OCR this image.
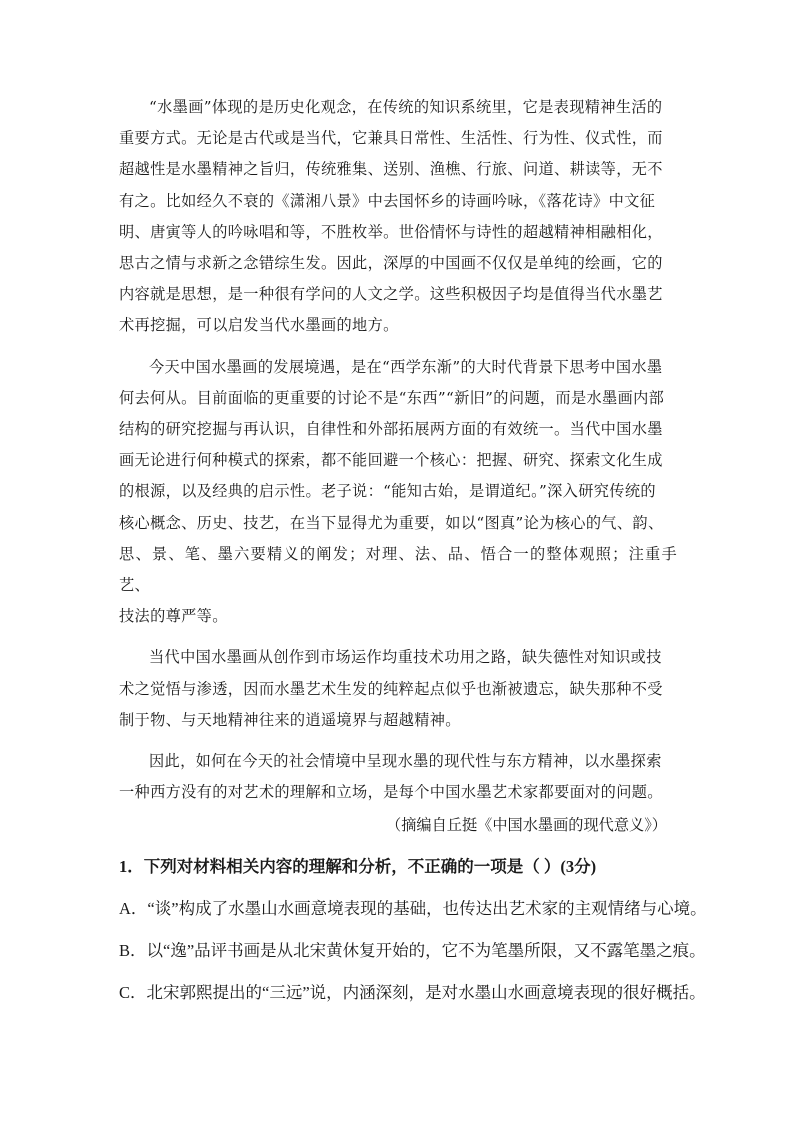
“水墨画”体现的是历史化观念，在传统的知识系统里，它是表现精神生活的
重要方式。无论是古代或是当代，它兼具日常性、生活性、行为性、仪式性，而
超越性是水墨精神之旨归，传统雅集、送别、渔樵、行旅、问道、耕读等，无不
有之。比如经久不衰的《潇湘八景》中去国怀乡的诗画吟咏，《落花诗》中文征
明、唐寅等人的吟咏唱和等，不胜枚举。世俗情怀与诗性的超越精神相融相化，
思古之情与求新之念错综生发。因此，深厚的中国画不仅仅是单纯的绘画，它的
内容就是思想，是一种很有学问的人文之学。这些积极因子均是值得当代水墨艺
术再挖掘，可以启发当代水墨画的地方。

今天中国水墨画的发展境遇，是在“西学东渐”的大时代背景下思考中国水墨
何去何从。目前面临的更重要的讨论不是“东西”“新旧”的问题，而是水墨画内部
结构的研究挖掘与再认识，自律性和外部拓展两方面的有效统一。当代中国水墨
画无论进行何种模式的探索，都不能回避一个核心：把握、研究、探索文化生成
的根源，以及经典的启示性。老子说：“能知古始，是谓道纪。”深入研究传统的
核心概念、历史、技艺，在当下显得尤为重要，如以“图真”论为核心的气、韵、
思、景、笔、墨六要精义的阐发；对理、法、品、悟合一的整体观照；注重手艺、
技法的尊严等。

当代中国水墨画从创作到市场运作均重技术功用之路，缺失德性对知识或技
术之觉悟与渗透，因而水墨艺术生发的纯粹起点似乎也渐被遗忘，缺失那种不受
制于物、与天地精神往来的逍遥境界与超越精神。

因此，如何在今天的社会情境中呈现水墨的现代性与东方精神，以水墨探索
一种西方没有的对艺术的理解和立场，是每个中国水墨艺术家都要面对的问题。

（摘编自丘挺《中国水墨画的现代意义》）
1．下列对材料相关内容的理解和分析，不正确的一项是（ ）(3分)
A．“谈”构成了水墨山水画意境表现的基础，也传达出艺术家的主观情绪与心境。
B．以“逸”品评书画是从北宋黄休复开始的，它不为笔墨所限，又不露笔墨之痕。
C．北宋郭熙提出的“三远”说，内涵深刻，是对水墨山水画意境表现的很好概括。
